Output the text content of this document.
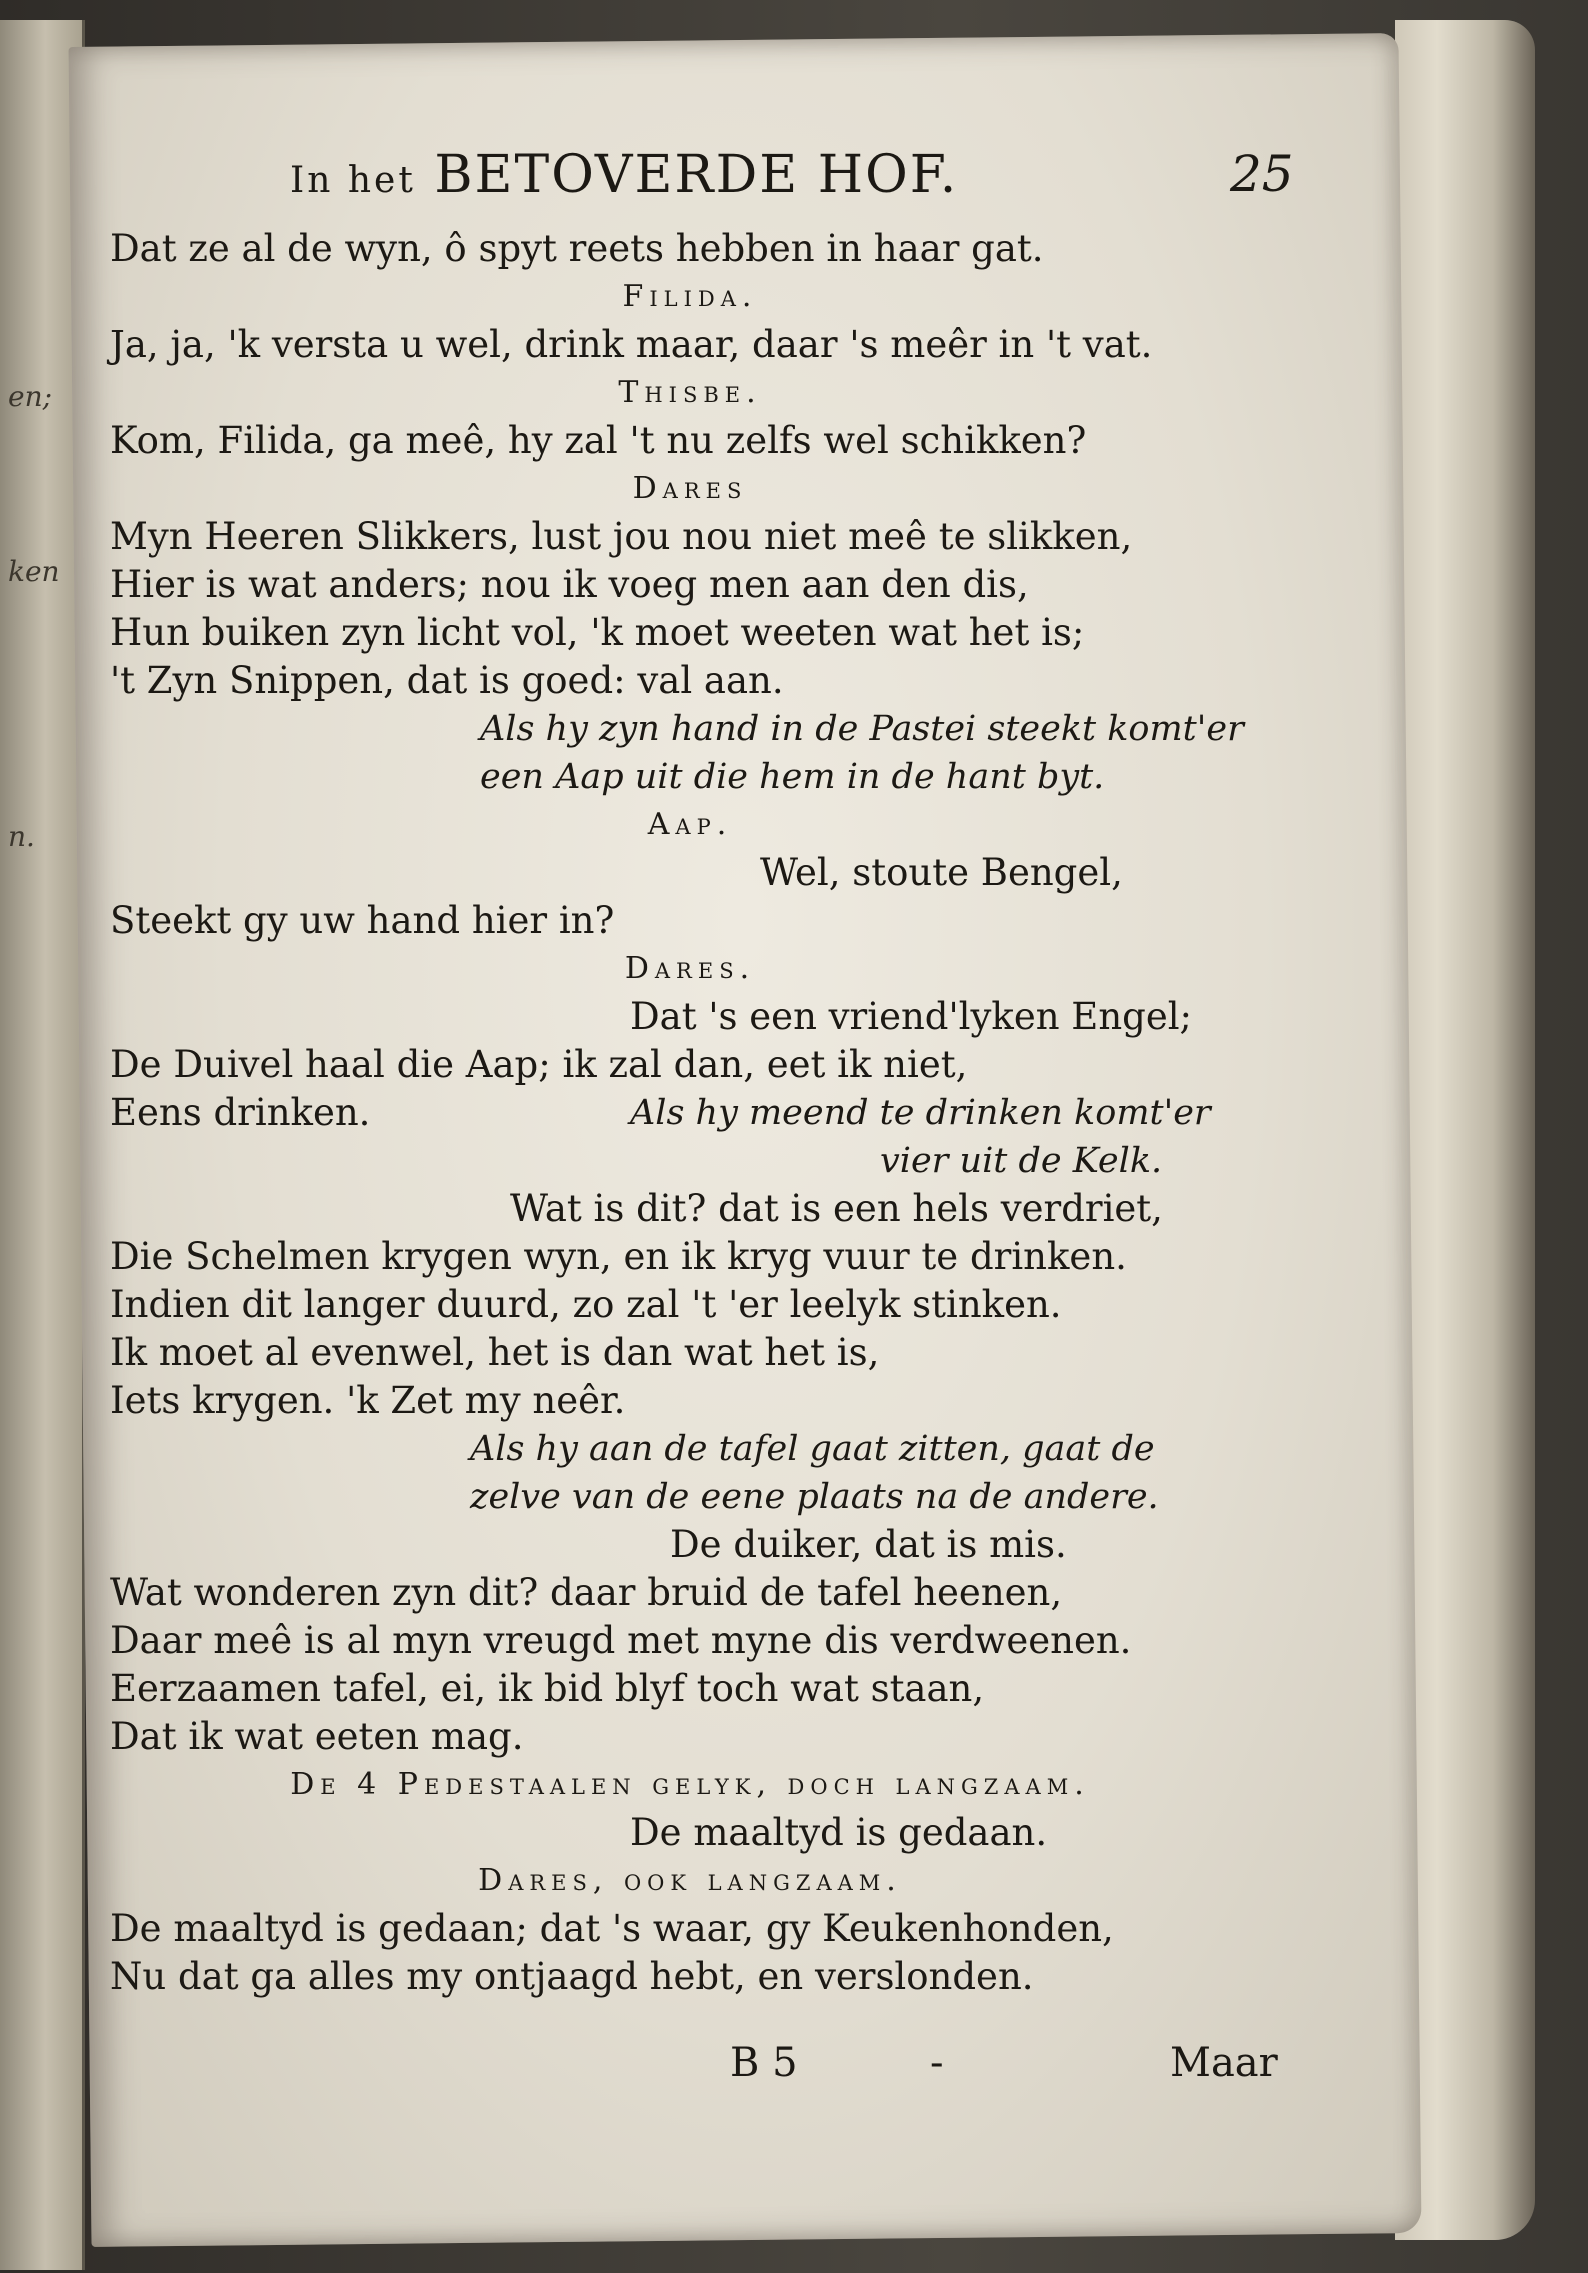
en;
ken
n.
In het BETOVERDE HOF.	25
Dat ze al de wyn, ô spyt reets hebben in haar gat.
Filida.
Ja, ja, 'k versta u wel, drink maar, daar 's meêr in 't vat.
Thisbe.
Kom, Filida, ga meê, hy zal 't nu zelfs wel schikken?
Dares
Myn Heeren Slikkers, lust jou nou niet meê te slikken,
Hier is wat anders; nou ik voeg men aan den dis,
Hun buiken zyn licht vol, 'k moet weeten wat het is;
't Zyn Snippen, dat is goed: val aan.
Als hy zyn hand in de Pastei steekt komt'er
een Aap uit die hem in de hant byt.
Aap.
Wel, stoute Bengel,
Steekt gy uw hand hier in?
Dares.
Dat 's een vriend'lyken Engel;
De Duivel haal die Aap; ik zal dan, eet ik niet,
Eens drinken.	Als hy meend te drinken komt'er
vier uit de Kelk.
Wat is dit? dat is een hels verdriet,
Die Schelmen krygen wyn, en ik kryg vuur te drinken.
Indien dit langer duurd, zo zal 't 'er leelyk stinken.
Ik moet al evenwel, het is dan wat het is,
Iets krygen. 'k Zet my neêr.
Als hy aan de tafel gaat zitten, gaat de
zelve van de eene plaats na de andere.
De duiker, dat is mis.
Wat wonderen zyn dit? daar bruid de tafel heenen,
Daar meê is al myn vreugd met myne dis verdweenen.
Eerzaamen tafel, ei, ik bid blyf toch wat staan,
Dat ik wat eeten mag.
De 4 Pedestaalen gelyk, doch langzaam.
De maaltyd is gedaan.
Dares, ook langzaam.
De maaltyd is gedaan; dat 's waar, gy Keukenhonden,
Nu dat ga alles my ontjaagd hebt, en verslonden.
B 5	-	Maar
